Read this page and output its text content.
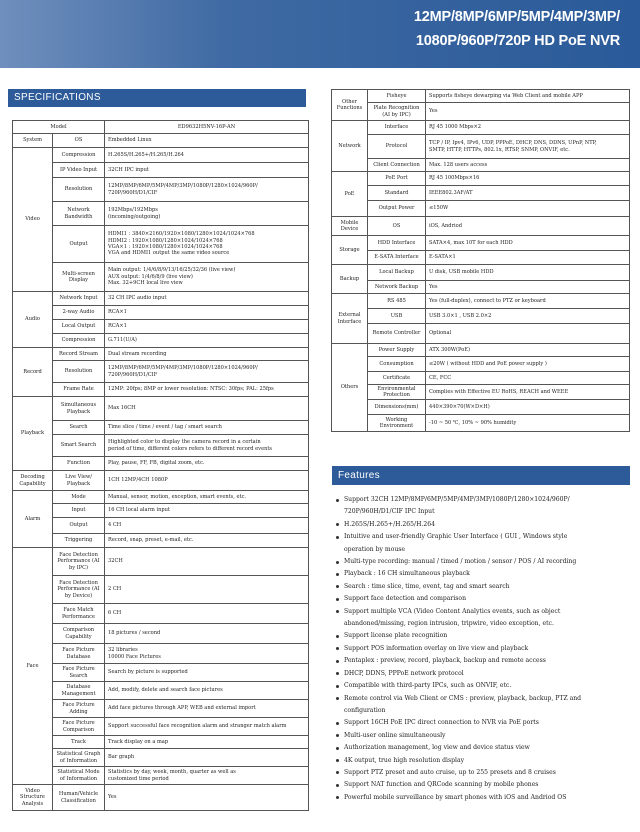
12MP/8MP/6MP/5MP/4MP/3MP/
1080P/960P/720P HD PoE NVR
SPECIFICATIONS
Model		ED9632H5NV-16P-AN
System	OS	Embedded Linux
Video	Compression	H.265S/H.265+/H.265/H.264
	IP Video Input	32CH IPC input
	Resolution	12MP/8MP/6MP/5MP/4MP/3MP/1080P/1280×1024/960P/ 720P/960H/D1/CIF
	Network Bandwidth	192Mbps/192Mbps
(incoming/outgoing)

	Output	HDMI1 : 3840×2160/1920×1080/1280×1024/1024×768
HDMI2 : 1920×1080/1280×1024/1024×768
VGA×1 : 1920×1080/1280×1024/1024×768
VGA and HDMI1 output the same video source

	Multi-screen Display	Main output: 1/4/6/8/9/13/16/25/32/36 (live view)
AUX output: 1/4/6/8/9 (live view)
Max. 32+9CH local live view

Audio	Network Input	32 CH IPC audio input
	2-way Audio	RCA×1
	Local Output	RCA×1
	Compression	G.711(U/A)
Record	Record Stream	Dual stream recording
	Resolution	12MP/8MP/6MP/5MP/4MP/3MP/1080P/1280×1024/960P/ 720P/960H/D1/CIF
	Frame Rate	12MP: 20fps; 8MP or lower resolution: NTSC: 30fps; PAL: 25fps
Playback	Simultaneous Playback	Max 16CH
	Search	Time slice / time / event / tag / smart search
	Smart Search	Highlighted color to display the camera record in a certain
period of time, different colors refers to different record events

	Function	Play, pause, FF, FB, digital zoom, etc.
Decoding Capability	Live View/ Playback	1CH 12MP/4CH 1080P
Alarm	Mode	Manual, sensor, motion, exception, smart events, etc.
	Input	16 CH local alarm input
	Output	4 CH
	Triggering	Record, snap, preset, e-mail, etc.
Face	Face Detection Performance (AI by IPC)	32CH
	Face Detection Performance (AI by Device)	2 CH
	Face Match Performance	6 CH
	Comparison Capability	18 pictures / second
	Face Picture Database	32 libraries
10000 Face Pictures

	Face Picture Search	Search by picture is supported
	Database Management	Add, modify, delete and search face pictures
	Face Picture Adding	Add face pictures through APP, WEB and external import
	Face Picture Comparison	Support successful face recognition alarm and stranger match alarm
	Track	Track display on a map
	Statistical Graph of Information	Bar graph
	Statistical Mode of Information	Statistics by day, week, month, quarter as well as
customized time period

Video Structure Analysis	Human/Vehicle Classification	Yes
Other Functions	Fisheye	Supports fisheye dewarping via Web Client and mobile APP
	Plate Recognition (AI by IPC)	Yes
Network	Interface	RJ 45 1000 Mbps×2
	Protocol	TCP / IP, Ipv4, IPv6, UDP, PPPoE, DHCP, DNS, DDNS, UPnP, NTP,
SMTP, HTTP, HTTPs, 802.1x, RTSP, SNMP, ONVIF, etc.

	Client Connection	Max. 128 users access
PoE	PoE Port	RJ 45 100Mbps×16
	Standard	IEEE802.3AF/AT
	Output Power	≤150W
Mobile Device	OS	iOS, Andriod
Storage	HDD Interface	SATA×4, max 10T for each HDD
	E-SATA Interface	E-SATA×1
Backup	Local Backup	U disk, USB mobile HDD
	Network Backup	Yes
External Interface	RS 485	Yes (full-duplex), connect to PTZ or keyboard
	USB	USB 3.0×1 , USB 2.0×2
	Remote Controller	Optional
Others	Power Supply	ATX 300W(PoE)
	Consumption	≤20W ( without HDD and PoE power supply )
	Certificate	CE, FCC
	Environmental Protection	Complies with Effective EU RoHS, REACH and WEEE
	Dimensions(mm)	440×390×70(W×D×H)
	Working Environment	-10 ~ 50 ℃, 10% ~ 90% humidity
Features
Support 32CH 12MP/8MP/6MP/5MP/4MP/3MP/1080P/1280×1024/960P/
720P/960H/D1/CIF IPC Input
H.265S/H.265+/H.265/H.264
Intuitive and user-friendly Graphic User Interface ( GUI , Windows style
operation by mouse
Multi-type recording: manual / timed / motion / sensor / POS / AI recording
Playback : 16 CH simultaneous playback
Search : time slice, time, event, tag and smart search
Support face detection and comparison
Support multiple VCA (Video Content Analytics events, such as object
abandoned/missing, region intrusion, tripwire, video exception, etc.
Support license plate recognition
Support POS information overlay on live view and playback
Pentaplex : preview, record, playback, backup and remote access
DHCP, DDNS, PPPoE network protocol
Compatible with third-party IPCs, such as ONVIF, etc.
Remote control via Web Client or CMS : preview, playback, backup, PTZ and
configuration
Support 16CH PoE IPC direct connection to NVR via PoE ports
Multi-user online simultaneously
Authorization management, log view and device status view
4K output, true high resolution display
Support PTZ preset and auto cruise, up to 255 presets and 8 cruises
Support NAT function and QRCode scanning by mobile phones
Powerful mobile surveillance by smart phones with iOS and Andriod OS
